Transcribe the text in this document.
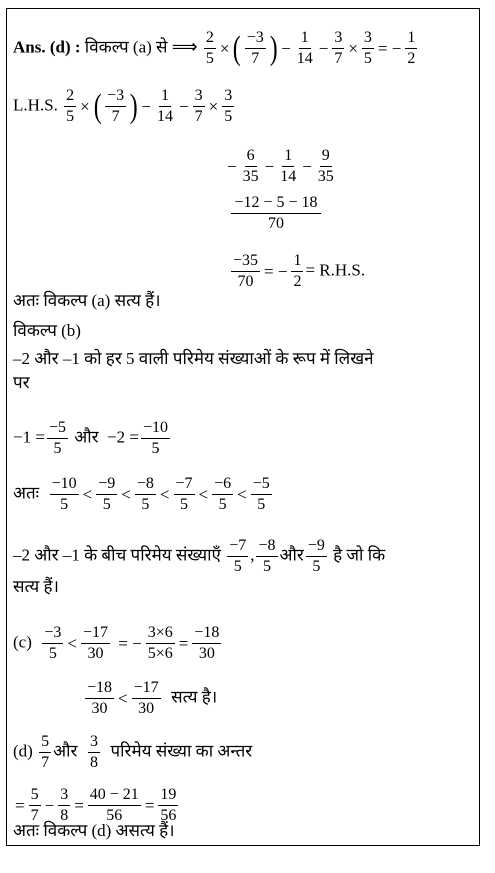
Ans. (d) : विकल्प (a) से ⟹ $\frac{2}{5}$ × ( $\frac{-3}{7}$ ) − $\frac{1}{14} - \frac{3}{7} \times \frac{3}{5}$ = − $\frac{1}{2}$
L.H.S. $\frac{2}{5}$ × ( $\frac{-3}{7}$ ) − $\frac{1}{14} - \frac{3}{7} \times \frac{3}{5}$
− $\frac{6}{35} - \frac{1}{14} - \frac{9}{35}$
$\frac{-12 - 5 - 18}{70}$
$\frac{-35}{70}$ = − $\frac{1}{2} = R.H.S$.
अतः विकल्प (a) सत्य हैं।
विकल्प (b)
–2 और –1 को हर 5 वाली परिमेय संख्याओं के रूप में लिखने
पर
$-1 = \frac{-5}{5}$ और $-2 = \frac{-10}{5}$
अतः $\frac{-10}{5} < \frac{-9}{5} < \frac{-8}{5} < \frac{-7}{5} < \frac{-6}{5} < \frac{-5}{5}$
–2 और –1 के बीच परिमेय संख्याएँ $\frac{-7}{5}$ , $\frac{-8}{5}$ और $\frac{-9}{5}$ है जो कि
सत्य हैं।
$(c) \frac{-3}{5} < \frac{-17}{30}$ = − $\frac{3\times 6}{5\times 6} = \frac{-18}{30}$
$\frac{-18}{30} < \frac{-17}{30}$ सत्य है।
$(d) \frac{5}{7}$ और $\frac{3}{8}$ परिमेय संख्या का अन्तर
= $\frac{5}{7} - \frac{3}{8} = \frac{40 - 21}{56} = \frac{19}{56}$
अतः विकल्प (d) असत्य हैं।
